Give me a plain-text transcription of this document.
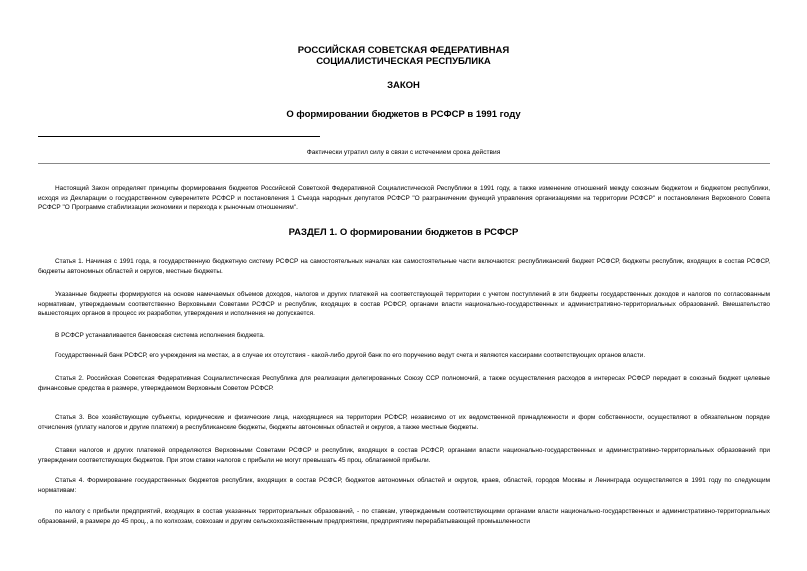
РОССИЙСКАЯ СОВЕТСКАЯ ФЕДЕРАТИВНАЯ
СОЦИАЛИСТИЧЕСКАЯ РЕСПУБЛИКА
ЗАКОН
О формировании бюджетов в РСФСР в 1991 году
Фактически утратил силу в связи с истечением срока действия
Настоящий Закон определяет принципы формирования бюджетов Российской Советской Федеративной Социалистической Республики в 1991 году, а также изменение отношений между союзным бюджетом и бюджетом республики, исходя из Декларации о государственном суверенитете РСФСР и постановления 1 Съезда народных депутатов РСФСР "О разграничении функций управления организациями на территории РСФСР" и постановления Верховного Совета РСФСР "О Программе стабилизации экономики и перехода к рыночным отношениям".
РАЗДЕЛ 1. О формировании бюджетов в РСФСР
Статья 1. Начиная с 1991 года, в государственную бюджетную систему РСФСР на самостоятельных началах как самостоятельные части включаются: республиканский бюджет РСФСР, бюджеты республик, входящих в состав РСФСР, бюджеты автономных областей и округов, местные бюджеты.
Указанные бюджеты формируются на основе намечаемых объемов доходов, налогов и других платежей на соответствующей территории с учетом поступлений в эти бюджеты государственных доходов и налогов по согласованным нормативам, утверждаемым соответственно Верховными Советами РСФСР и республик, входящих в состав РСФСР, органами власти национально-государственных и административно-территориальных образований. Вмешательство вышестоящих органов в процесс их разработки, утверждения и исполнения не допускается.
В РСФСР устанавливается банковская система исполнения бюджета.
Государственный банк РСФСР, его учреждения на местах, а в случае их отсутствия - какой-либо другой банк по его поручению ведут счета и являются кассирами соответствующих органов власти.
Статья 2. Российская Советская Федеративная Социалистическая Республика для реализации делегированных Союзу ССР полномочий, а также осуществления расходов в интересах РСФСР передает в союзный бюджет целевые финансовые средства в размере, утверждаемом Верховным Советом РСФСР.
Статья 3. Все хозяйствующие субъекты, юридические и физические лица, находящиеся на территории РСФСР, независимо от их ведомственной принадлежности и форм собственности, осуществляют в обязательном порядке отчисления (уплату налогов и другие платежи) в республиканские бюджеты, бюджеты автономных областей и округов, а также местные бюджеты.
Ставки налогов и других платежей определяются Верховными Советами РСФСР и республик, входящих в состав РСФСР, органами власти национально-государственных и административно-территориальных образований при утверждении соответствующих бюджетов. При этом ставки налогов с прибыли не могут превышать 45 проц. облагаемой прибыли.
Статья 4. Формирование государственных бюджетов республик, входящих в состав РСФСР, бюджетов автономных областей и округов, краев, областей, городов Москвы и Ленинграда осуществляется в 1991 году по следующим нормативам:
по налогу с прибыли предприятий, входящих в состав указанных территориальных образований, - по ставкам, утверждаемым соответствующими органами власти национально-государственных и административно-территориальных образований, в размере до 45 проц., а по колхозам, совхозам и другим сельскохозяйственным предприятиям, предприятиям перерабатывающей промышленности
